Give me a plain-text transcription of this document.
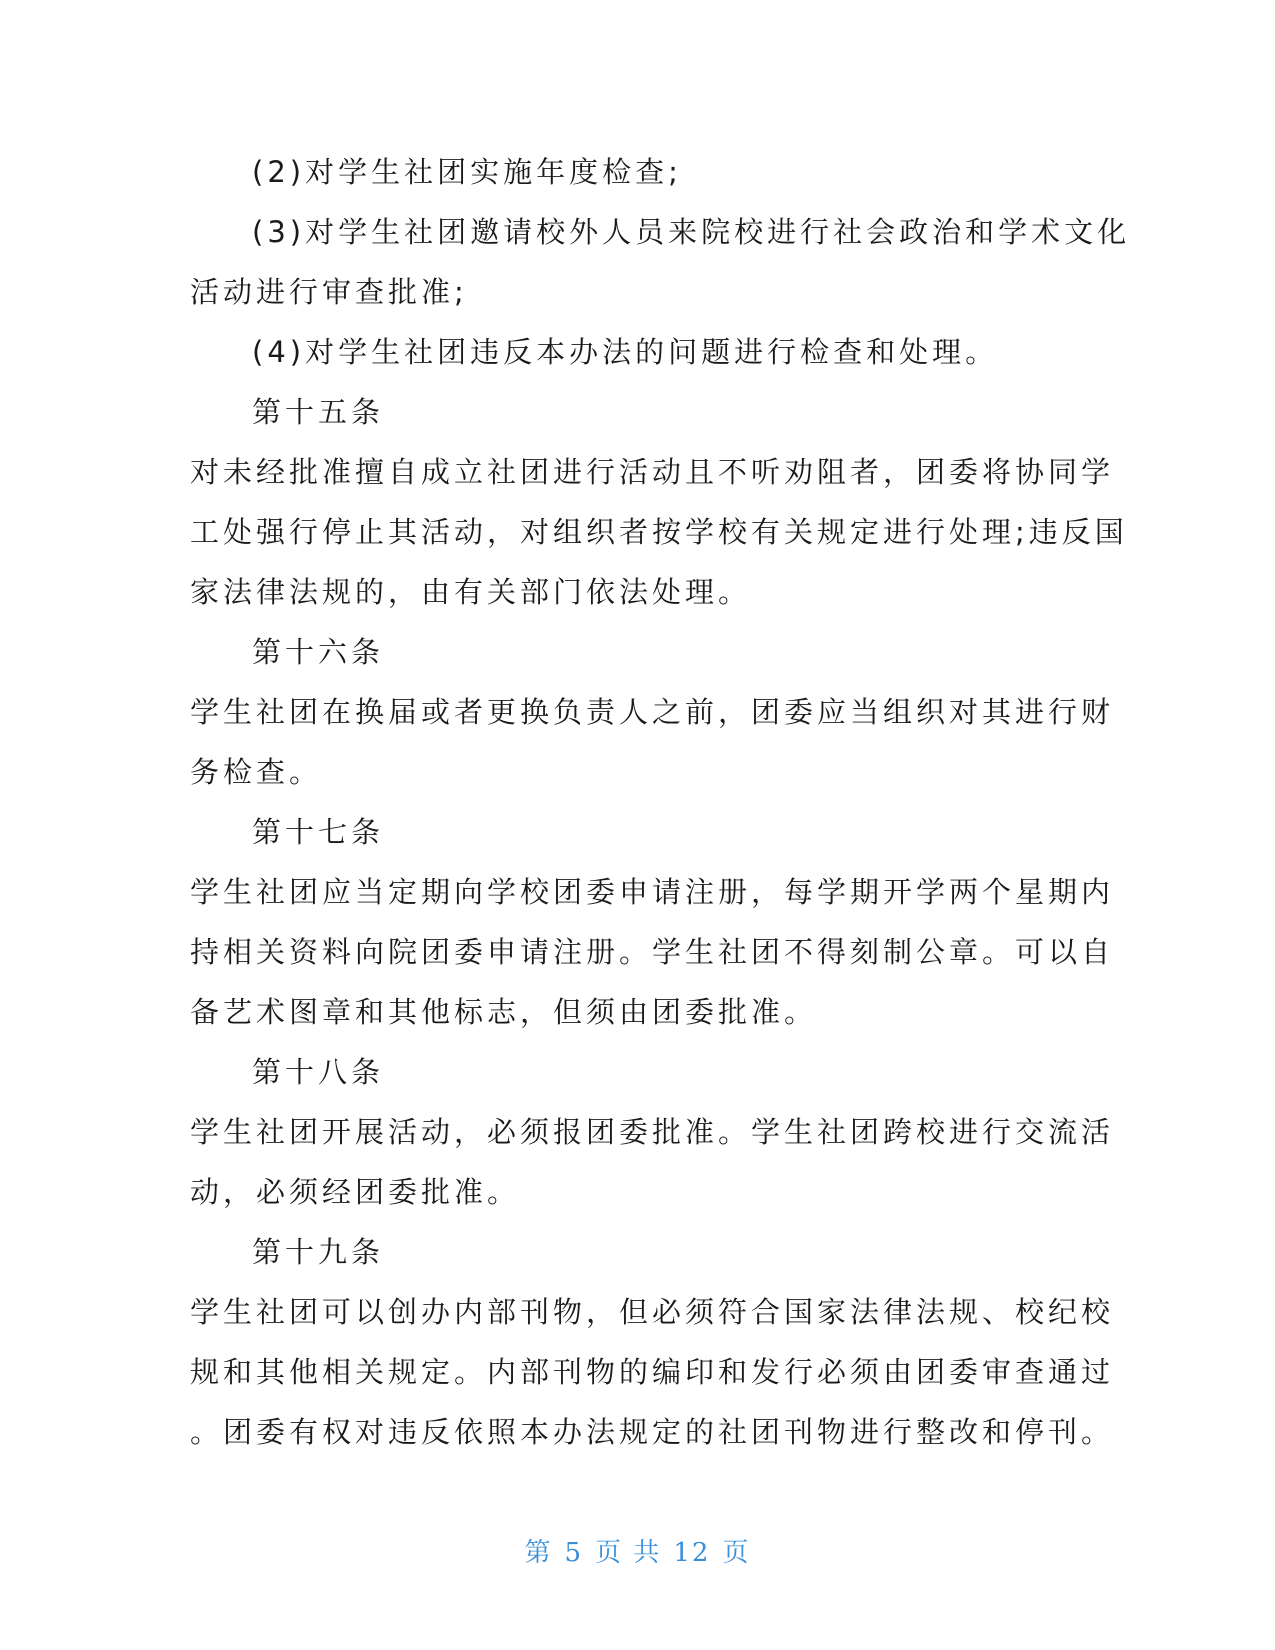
(2)对学生社团实施年度检查;
(3)对学生社团邀请校外人员来院校进行社会政治和学术文化
活动进行审查批准;
(4)对学生社团违反本办法的问题进行检查和处理。
第十五条
对未经批准擅自成立社团进行活动且不听劝阻者，团委将协同学
工处强行停止其活动，对组织者按学校有关规定进行处理;违反国
家法律法规的，由有关部门依法处理。
第十六条
学生社团在换届或者更换负责人之前，团委应当组织对其进行财
务检查。
第十七条
学生社团应当定期向学校团委申请注册，每学期开学两个星期内
持相关资料向院团委申请注册。学生社团不得刻制公章。可以自
备艺术图章和其他标志，但须由团委批准。
第十八条
学生社团开展活动，必须报团委批准。学生社团跨校进行交流活
动，必须经团委批准。
第十九条
学生社团可以创办内部刊物，但必须符合国家法律法规、校纪校
规和其他相关规定。内部刊物的编印和发行必须由团委审查通过
。团委有权对违反依照本办法规定的社团刊物进行整改和停刊。
第 5 页 共 12 页
